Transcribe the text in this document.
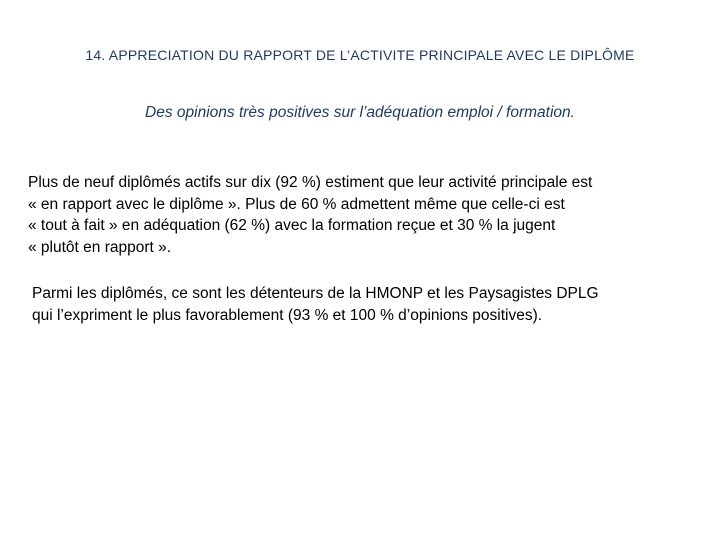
14. APPRECIATION DU RAPPORT DE L’ACTIVITE PRINCIPALE AVEC LE DIPLÔME
Des opinions très positives sur l’adéquation emploi / formation.
Plus de neuf diplômés actifs sur dix (92 %) estiment que leur activité principale est
« en rapport avec le diplôme ». Plus de 60 % admettent même que celle-ci est
« tout à fait » en adéquation (62 %) avec la formation reçue et 30 % la jugent
« plutôt en rapport ».
Parmi les diplômés, ce sont les détenteurs de la HMONP et les Paysagistes DPLG
qui l’expriment le plus favorablement (93 % et 100 % d’opinions positives).
